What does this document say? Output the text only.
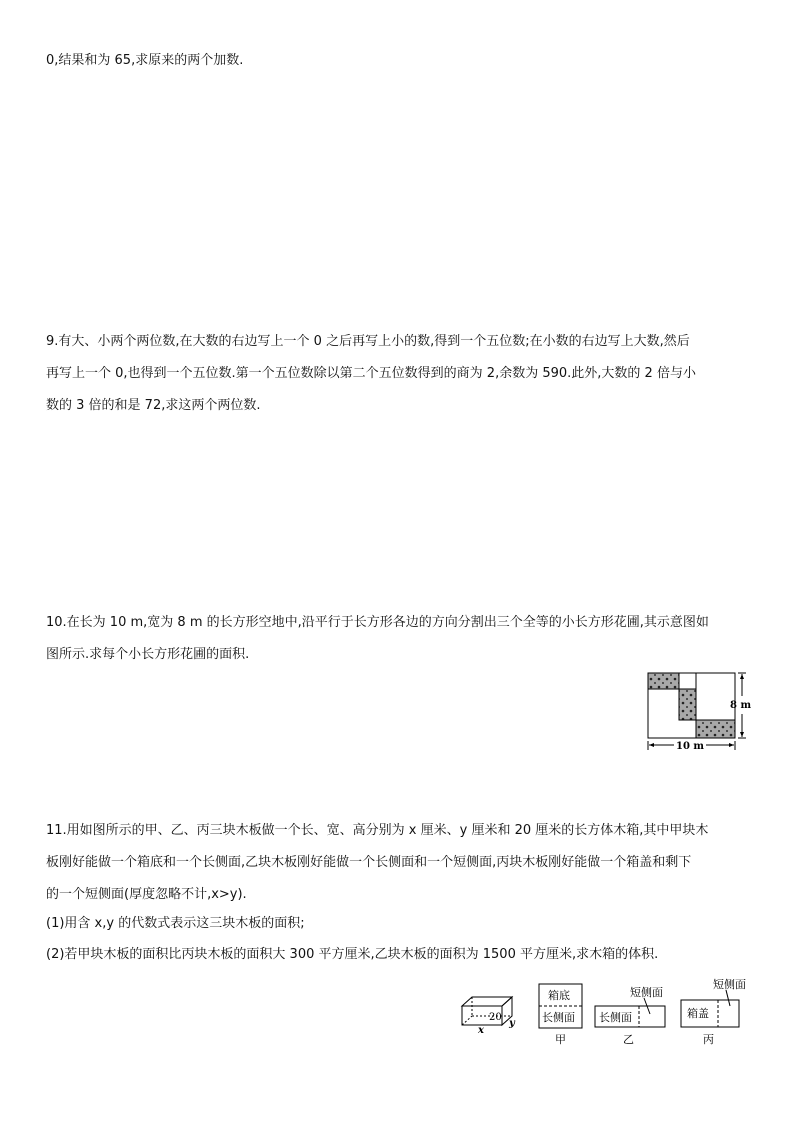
0,结果和为 65,求原来的两个加数.
9.有大、小两个两位数,在大数的右边写上一个 0 之后再写上小的数,得到一个五位数;在小数的右边写上大数,然后
再写上一个 0,也得到一个五位数.第一个五位数除以第二个五位数得到的商为 2,余数为 590.此外,大数的 2 倍与小
数的 3 倍的和是 72,求这两个两位数.
10.在长为 10 m,宽为 8 m 的长方形空地中,沿平行于长方形各边的方向分割出三个全等的小长方形花圃,其示意图如
图所示.求每个小长方形花圃的面积.
8 m
10 m
11.用如图所示的甲、乙、丙三块木板做一个长、宽、高分别为 x 厘米、y 厘米和 20 厘米的长方体木箱,其中甲块木
板刚好能做一个箱底和一个长侧面,乙块木板刚好能做一个长侧面和一个短侧面,丙块木板刚好能做一个箱盖和剩下
的一个短侧面(厚度忽略不计,x>y).
(1)用含 x,y 的代数式表示这三块木板的面积;
(2)若甲块木板的面积比丙块木板的面积大 300 平方厘米,乙块木板的面积为 1500 平方厘米,求木箱的体积.
20
x
y
箱底
长侧面
甲
短侧面
长侧面
乙
短侧面
箱盖
丙
